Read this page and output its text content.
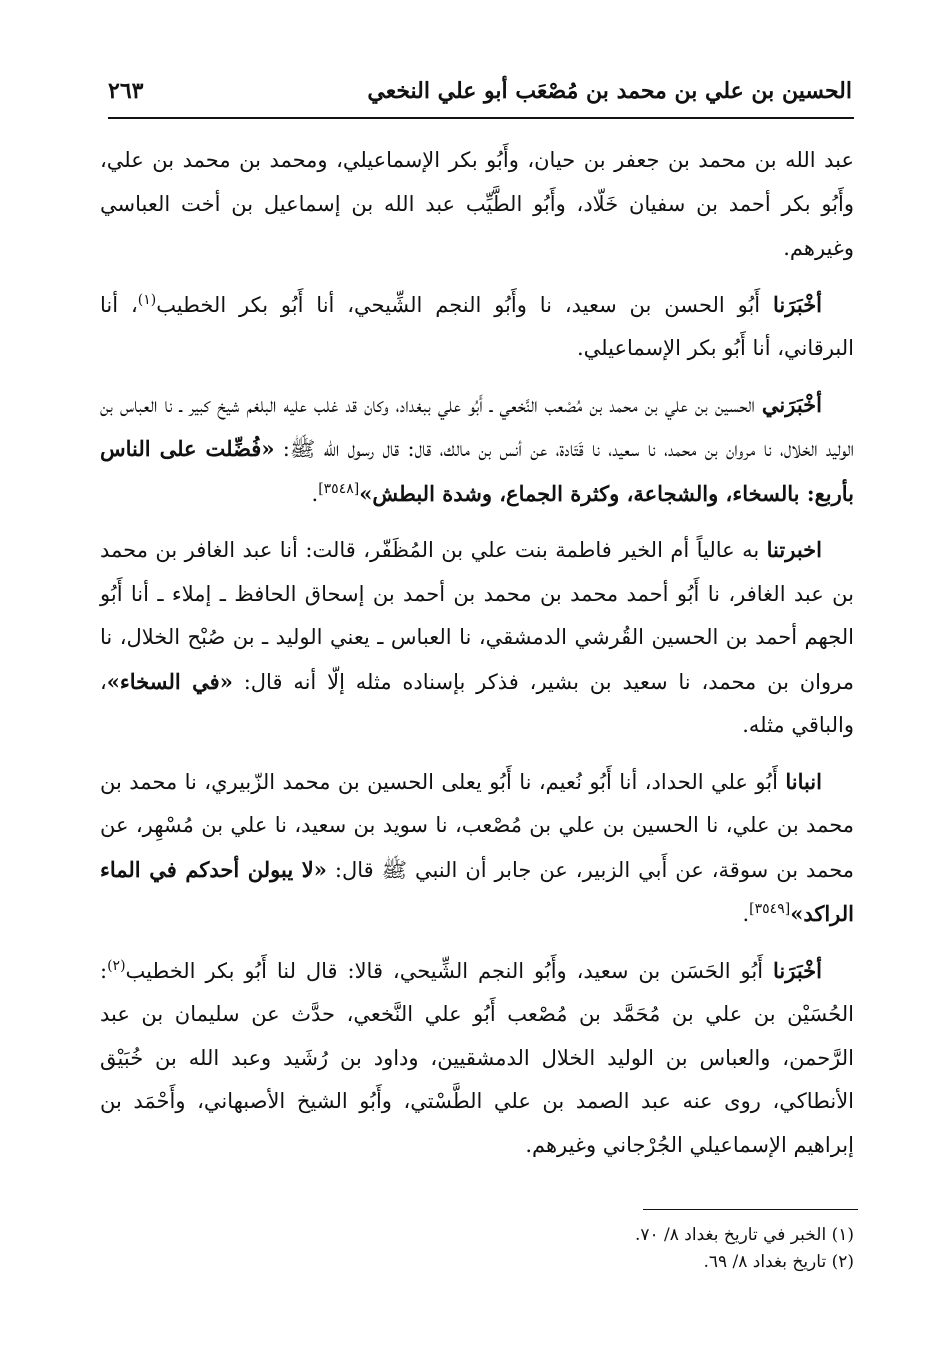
الحسين بن علي بن محمد بن مُصْعَب أبو علي النخعي
٢٦٣

عبد الله بن محمد بن جعفر بن حيان، وأَبُو بكر الإسماعيلي، ومحمد بن محمد بن علي، وأَبُو بكر أحمد بن سفيان خَلّاد، وأَبُو الطَّيِّب عبد الله بن إسماعيل بن أخت العباسي وغيرهم.

أخْبَرَنا أَبُو الحسن بن سعيد، نا وأَبُو النجم الشِّيحي، أنا أَبُو بكر الخطيب$^{(١)}$، أنا البرقاني، أنا أَبُو بكر الإسماعيلي.

أخْبَرَني الحسين بن علي بن محمد بن مُصْعب النَّخعي ـ أَبُو علي ببغداد، وكان قد غلب عليه البلغم شيخ كبير ـ نا العباس بن الوليد الخلال، نا مروان بن محمد، نا سعيد، نا قَتَادة، عن أنس بن مالك، قال: قال رسول الله ﷺ: «فُضِّلت على الناس بأربع: بالسخاء، والشجاعة، وكثرة الجماع، وشدة البطش»[٣٥٤٨].

اخبرتنا به عالياً أم الخير فاطمة بنت علي بن المُظَفّر، قالت: أنا عبد الغافر بن محمد بن عبد الغافر، نا أَبُو أحمد محمد بن محمد بن أحمد بن إسحاق الحافظ ـ إملاء ـ أنا أَبُو الجهم أحمد بن الحسين القُرشي الدمشقي، نا العباس ـ يعني الوليد ـ بن صُبْح الخلال، نا مروان بن محمد، نا سعيد بن بشير، فذكر بإسناده مثله إلّا أنه قال: «في السخاء»، والباقي مثله.

انبانا أَبُو علي الحداد، أنا أَبُو نُعيم، نا أَبُو يعلى الحسين بن محمد الزّبيري، نا محمد بن محمد بن علي، نا الحسين بن علي بن مُصْعب، نا سويد بن سعيد، نا علي بن مُسْهِر، عن محمد بن سوقة، عن أَبي الزبير، عن جابر أن النبي ﷺ قال: «لا يبولن أحدكم في الماء الراكد»[٣٥٤٩].

أخْبَرَنا أَبُو الحَسَن بن سعيد، وأَبُو النجم الشِّيحي، قالا: قال لنا أَبُو بكر الخطيب$^{(٢)}$: الحُسَيْن بن علي بن مُحَمَّد بن مُصْعب أَبُو علي النَّخعي، حدَّث عن سليمان بن عبد الرَّحمن، والعباس بن الوليد الخلال الدمشقيين، وداود بن رُشَيد وعبد الله بن خُبَيْق الأنطاكي، روى عنه عبد الصمد بن علي الطَّسْتي، وأَبُو الشيخ الأصبهاني، وأَحْمَد بن إبراهيم الإسماعيلي الجُرْجاني وغيرهم.

(١) الخبر في تاريخ بغداد ٨/ ٧٠.

(٢) تاريخ بغداد ٨/ ٦٩.
